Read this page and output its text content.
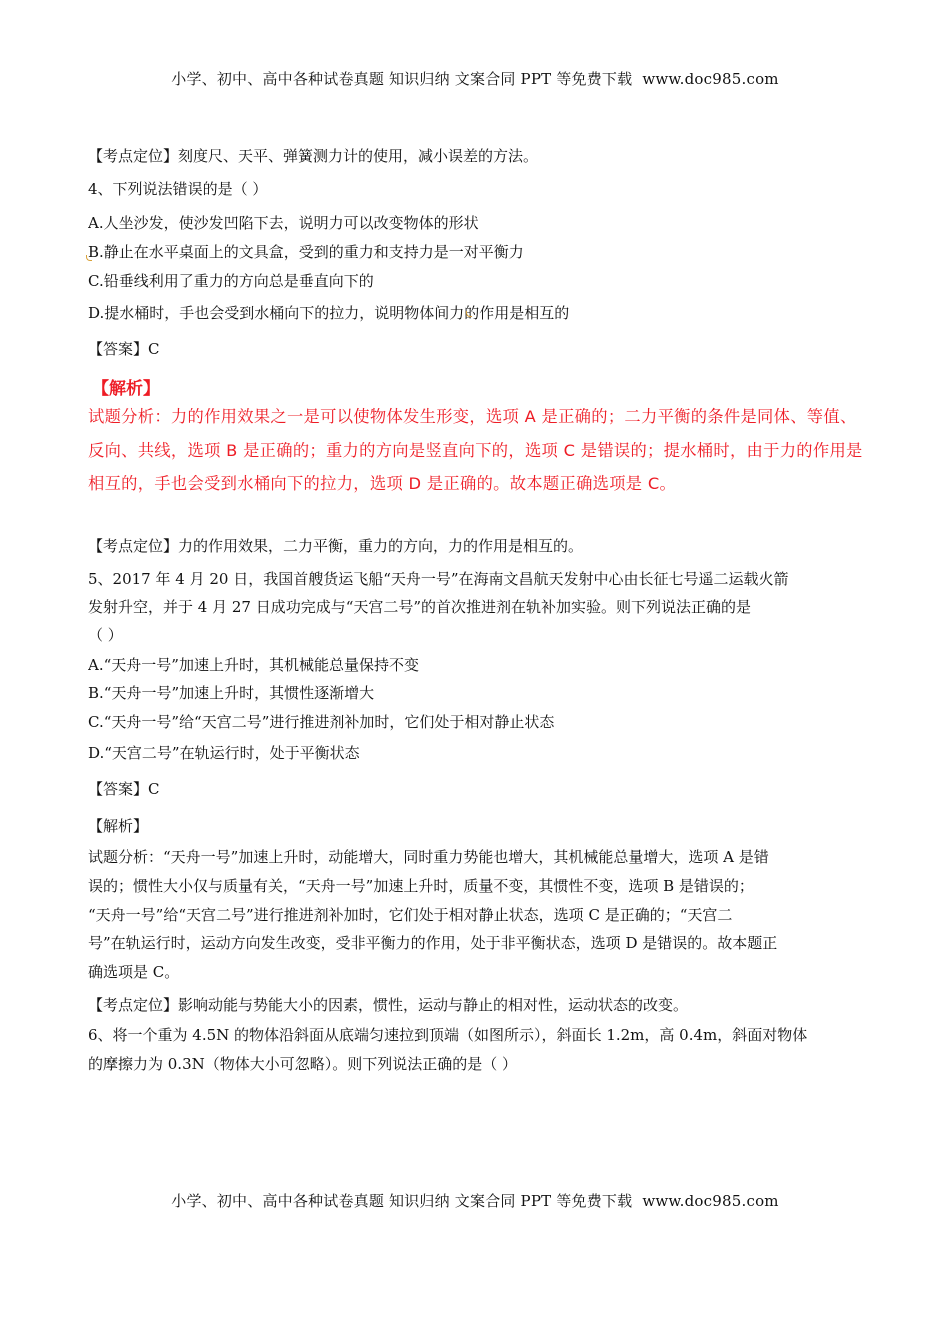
小学、初中、高中各种试卷真题 知识归纳 文案合同 PPT 等免费下载 www.doc985.com
【考点定位】刻度尺、天平、弹簧测力计的使用，减小误差的方法。
4、下列说法错
误
的是（ ）
A.人坐沙发，使沙发凹陷下去，说明力可以改变物体的形状
B.静止在水平桌面上的文具盒，受到的重力和支持力是一对平衡力
C.铅垂线利用了重力的方向总是垂直向下的
D.提水桶时，手也会受到水桶向下的拉力，说明物体间力的作用是相互的
【答案】C
【解析】
试题分析：力的作用效果之一是可以使物体发生形变，选项 A 是正确的；二力平衡的条件是同体、等值、
反向、共线，选项 B 是正确的；重力的方向是竖直向下的，选项 C 是错误的；提水桶时，由于力的作用是
相互的，手也会受到水桶向下的拉力，选项 D 是正确的。故本题正确选项是 C。
【考点定位】力的作用效果，二力平衡，重力的方向，力的作用是相互的。
5、2017 年 4 月 20 日，我国首艘货运飞船“天舟一号”在海南文昌航天发射中心由长征七号遥二运载火箭
发射升空，并于 4 月 27 日成功完成与“天宫二号”的首次推进剂在轨补加实验。则下列说法正确的是
（ ）
A.“天舟一号”加速上升时，其机械能总量保持不变
B.“天舟一号”加速上升时，其惯性逐渐增大
C.“天舟一号”给“天宫二号”进行推进剂补加时，它们处于相对静止状态
D.“天宫二号”在轨运行时，处于平衡状态
【答案】C
【解析】
试题分析：“天舟一号”加速上升时，动能增大，同时重力势能也增大，其机械能总量增大，选项 A 是错
误的；惯性大小仅与质量有关，“天舟一号”加速上升时，质量不变，其惯性不变，选项 B 是错误的；
“天舟一号”给“天宫二号”进行推进剂补加时，它们处于相对静止状态，选项 C 是正确的；“天宫二
号”在轨运行时，运动方向发生改变，受非平衡力的作用，处于非平衡状态，选项 D 是错误的。故本题正
确选项是 C。
【考点定位】影响动能与势能大小的因素，惯性，运动与静止的相对性，运动状态的改变。
6、将一个重为 4.5N 的物体沿斜面从底端匀速拉到顶端（如图所示），斜面长 1.2m，高 0.4m，斜面对物体
的摩擦力为 0.3N（物体大小可忽略）。则下列说法正确的是（ ）
小学、初中、高中各种试卷真题 知识归纳 文案合同 PPT 等免费下载 www.doc985.com
